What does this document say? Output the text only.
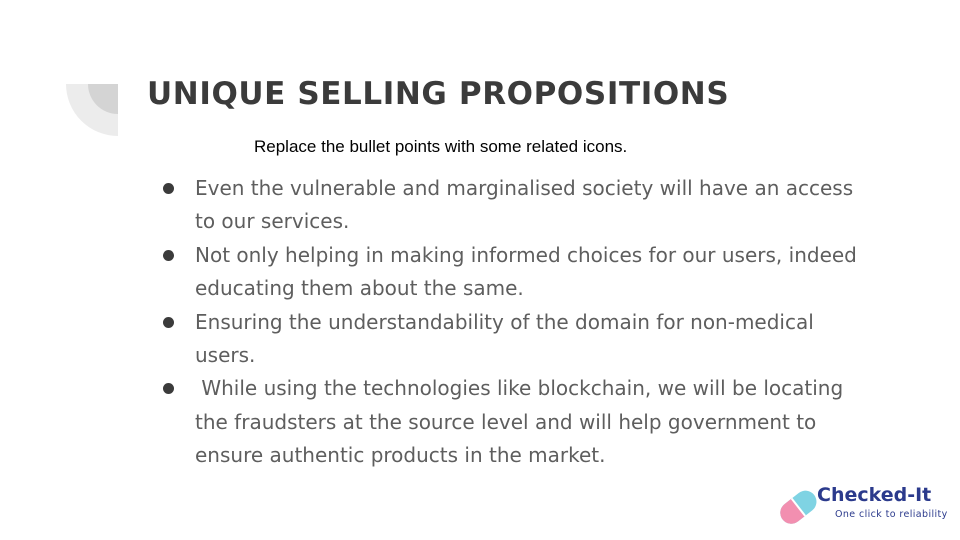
UNIQUE SELLING PROPOSITIONS
Replace the bullet points with some related icons.
Even the vulnerable and marginalised society will have an access to our services.
Not only helping in making informed choices for our users, indeed educating them about the same.
Ensuring the understandability of the domain for non-medical users.
While using the technologies like blockchain, we will be locating the fraudsters at the source level and will help government to ensure authentic products in the market.
Checked-It
One click to reliability
